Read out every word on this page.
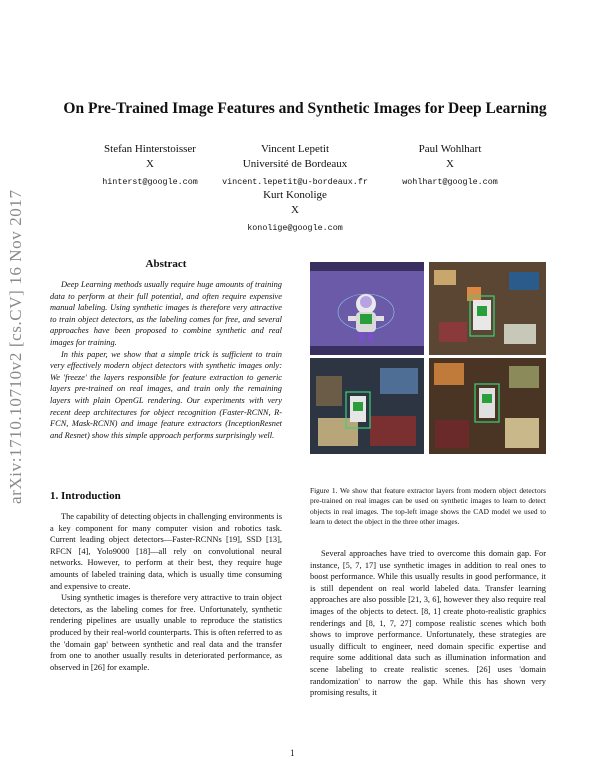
arXiv:1710.10710v2 [cs.CV] 16 Nov 2017
On Pre-Trained Image Features and Synthetic Images for Deep Learning
Stefan Hinterstoisser
X
hinterst@google.com
Vincent Lepetit
Université de Bordeaux
vincent.lepetit@u-bordeaux.fr
Paul Wohlhart
X
wohlhart@google.com
Kurt Konolige
X
konolige@google.com
Abstract

Deep Learning methods usually require huge amounts of training data to perform at their full potential, and often require expensive manual labeling. Using synthetic images is therefore very attractive to train object detectors, as the labeling comes for free, and several approaches have been proposed to combine synthetic and real images for training.

In this paper, we show that a simple trick is sufficient to train very effectively modern object detectors with synthetic images only: We 'freeze' the layers responsible for feature extraction to generic layers pre-trained on real images, and train only the remaining layers with plain OpenGL rendering. Our experiments with very recent deep architectures for object recognition (Faster-RCNN, R-FCN, Mask-RCNN) and image feature extractors (InceptionResnet and Resnet) show this simple approach performs surprisingly well.

1. Introduction

The capability of detecting objects in challenging environments is a key component for many computer vision and robotics task. Current leading object detectors—Faster-RCNNs [19], SSD [13], RFCN [4], Yolo9000 [18]—all rely on convolutional neural networks. However, to perform at their best, they require huge amounts of labeled training data, which is usually time consuming and expensive to create.

Using synthetic images is therefore very attractive to train object detectors, as the labeling comes for free. Unfortunately, synthetic rendering pipelines are usually unable to reproduce the statistics produced by their real-world counterparts. This is often referred to as the 'domain gap' between synthetic and real data and the transfer from one to another usually results in deteriorated performance, as observed in [26] for example.

Figure 1. We show that feature extractor layers from modern object detectors pre-trained on real images can be used on synthetic images to learn to detect objects in real images. The top-left image shows the CAD model we used to learn to detect the object in the three other images.

Several approaches have tried to overcome this domain gap. For instance, [5, 7, 17] use synthetic images in addition to real ones to boost performance. While this usually results in good performance, it is still dependent on real world labeled data. Transfer learning approaches are also possible [21, 3, 6], however they also require real images of the objects to detect. [8, 1] create photo-realistic graphics renderings and [8, 1, 7, 27] compose realistic scenes which both shows to improve performance. Unfortunately, these strategies are usually difficult to engineer, need domain specific expertise and require some additional data such as illumination information and scene labeling to create realistic scenes. [26] uses 'domain randomization' to narrow the gap. While this has shown very promising results, it

1
